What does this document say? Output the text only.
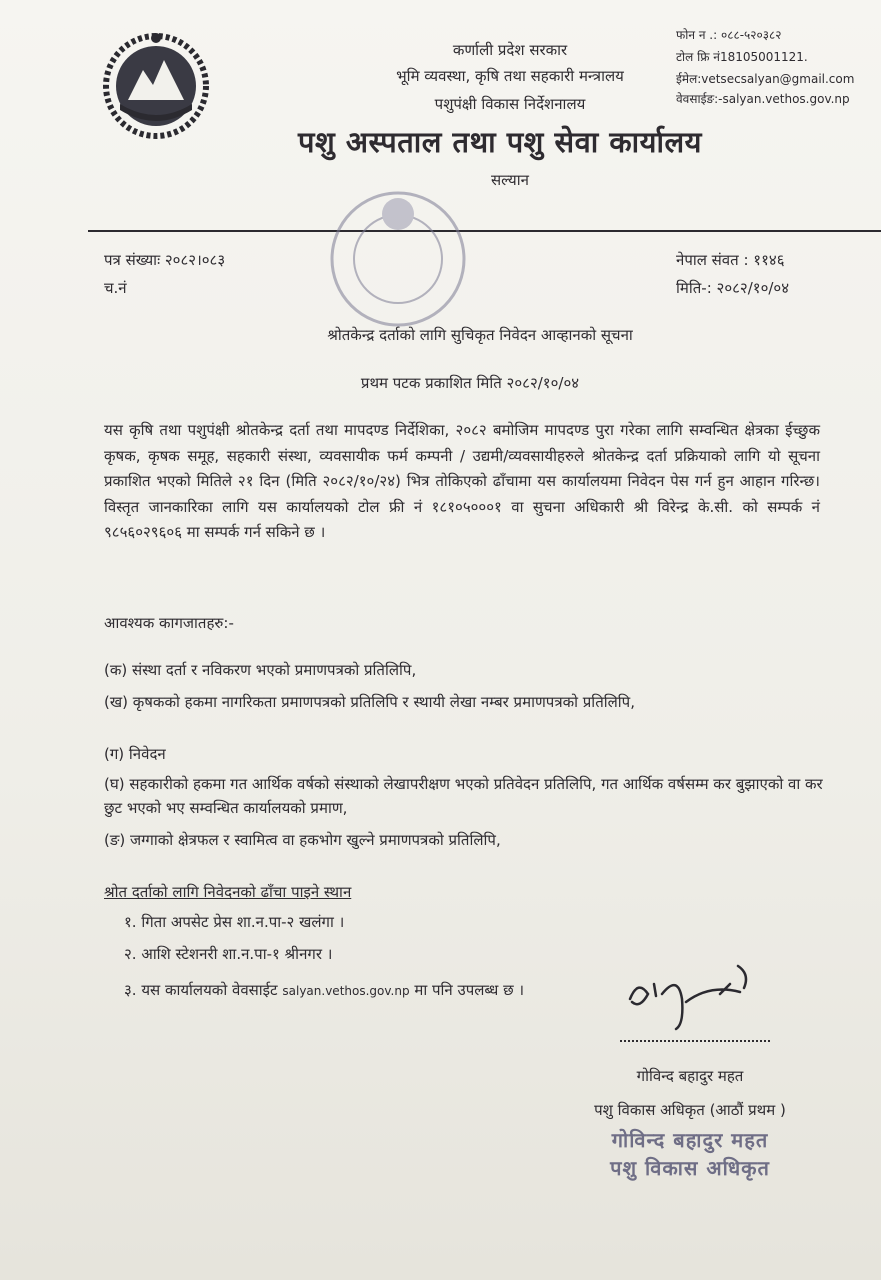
कर्णाली प्रदेश सरकार
भूमि व्यवस्था, कृषि तथा सहकारी मन्त्रालय
पशुपंक्षी विकास निर्देशनालय
पशु अस्पताल तथा पशु सेवा कार्यालय
सल्यान
फोन न .: ०८८-५२०३८२
टोल फ्रि नं18105001121.
ईमेल:vetsecsalyan@gmail.com
वेवसाईङ:-salyan.vethos.gov.np
पत्र संख्याः २०८२।०८३
च.नं
नेपाल संवत : ११४६
मिति-: २०८२/१०/०४
श्रोतकेन्द्र दर्ताको लागि सुचिकृत निवेदन आव्हानको सूचना
प्रथम पटक प्रकाशित मिति २०८२/१०/०४
यस कृषि तथा पशुपंक्षी श्रोतकेन्द्र दर्ता तथा मापदण्ड निर्देशिका, २०८२ बमोजिम मापदण्ड पुरा गरेका लागि सम्वन्धित क्षेत्रका ईच्छुक कृषक, कृषक समूह, सहकारी संस्था, व्यवसायीक फर्म कम्पनी / उद्यमी/व्यवसायीहरुले श्रोतकेन्द्र दर्ता प्रक्रियाको लागि यो सूचना प्रकाशित भएको मितिले २१ दिन (मिति २०८२/१०/२४) भित्र तोकिएको ढाँचामा यस कार्यालयमा निवेदन पेस गर्न हुन आहान गरिन्छ।विस्तृत जानकारिका लागि यस कार्यालयको टोल फ्री नं १८१०५०००१ वा सुचना अधिकारी श्री विरेन्द्र के.सी. को सम्पर्क नं ९८५६०२९६०६ मा सम्पर्क गर्न सकिने छ ।
आवश्यक कागजातहरु:-
(क) संस्था दर्ता र नविकरण भएको प्रमाणपत्रको प्रतिलिपि,
(ख) कृषकको हकमा नागरिकता प्रमाणपत्रको प्रतिलिपि र स्थायी लेखा नम्बर प्रमाणपत्रको प्रतिलिपि,
(ग) निवेदन
(घ) सहकारीको हकमा गत आर्थिक वर्षको संस्थाको लेखापरीक्षण भएको प्रतिवेदन प्रतिलिपि, गत आर्थिक वर्षसम्म कर बुझाएको वा कर छुट भएको भए सम्वन्धित कार्यालयको प्रमाण,
(ङ) जग्गाको क्षेत्रफल र स्वामित्व वा हकभोग खुल्ने प्रमाणपत्रको प्रतिलिपि,
श्रोत दर्ताको लागि निवेदनको ढाँचा पाइने स्थान
१. गिता अपसेट प्रेस शा.न.पा-२ खलंगा ।
२. आशि स्टेशनरी शा.न.पा-१ श्रीनगर ।
३. यस कार्यालयको वेवसाईट salyan.vethos.gov.np मा पनि उपलब्ध छ ।
गोविन्द बहादुर महत
पशु विकास अधिकृत (आठौं प्रथम )
गोविन्द बहादुर महत
पशु विकास अधिकृत
